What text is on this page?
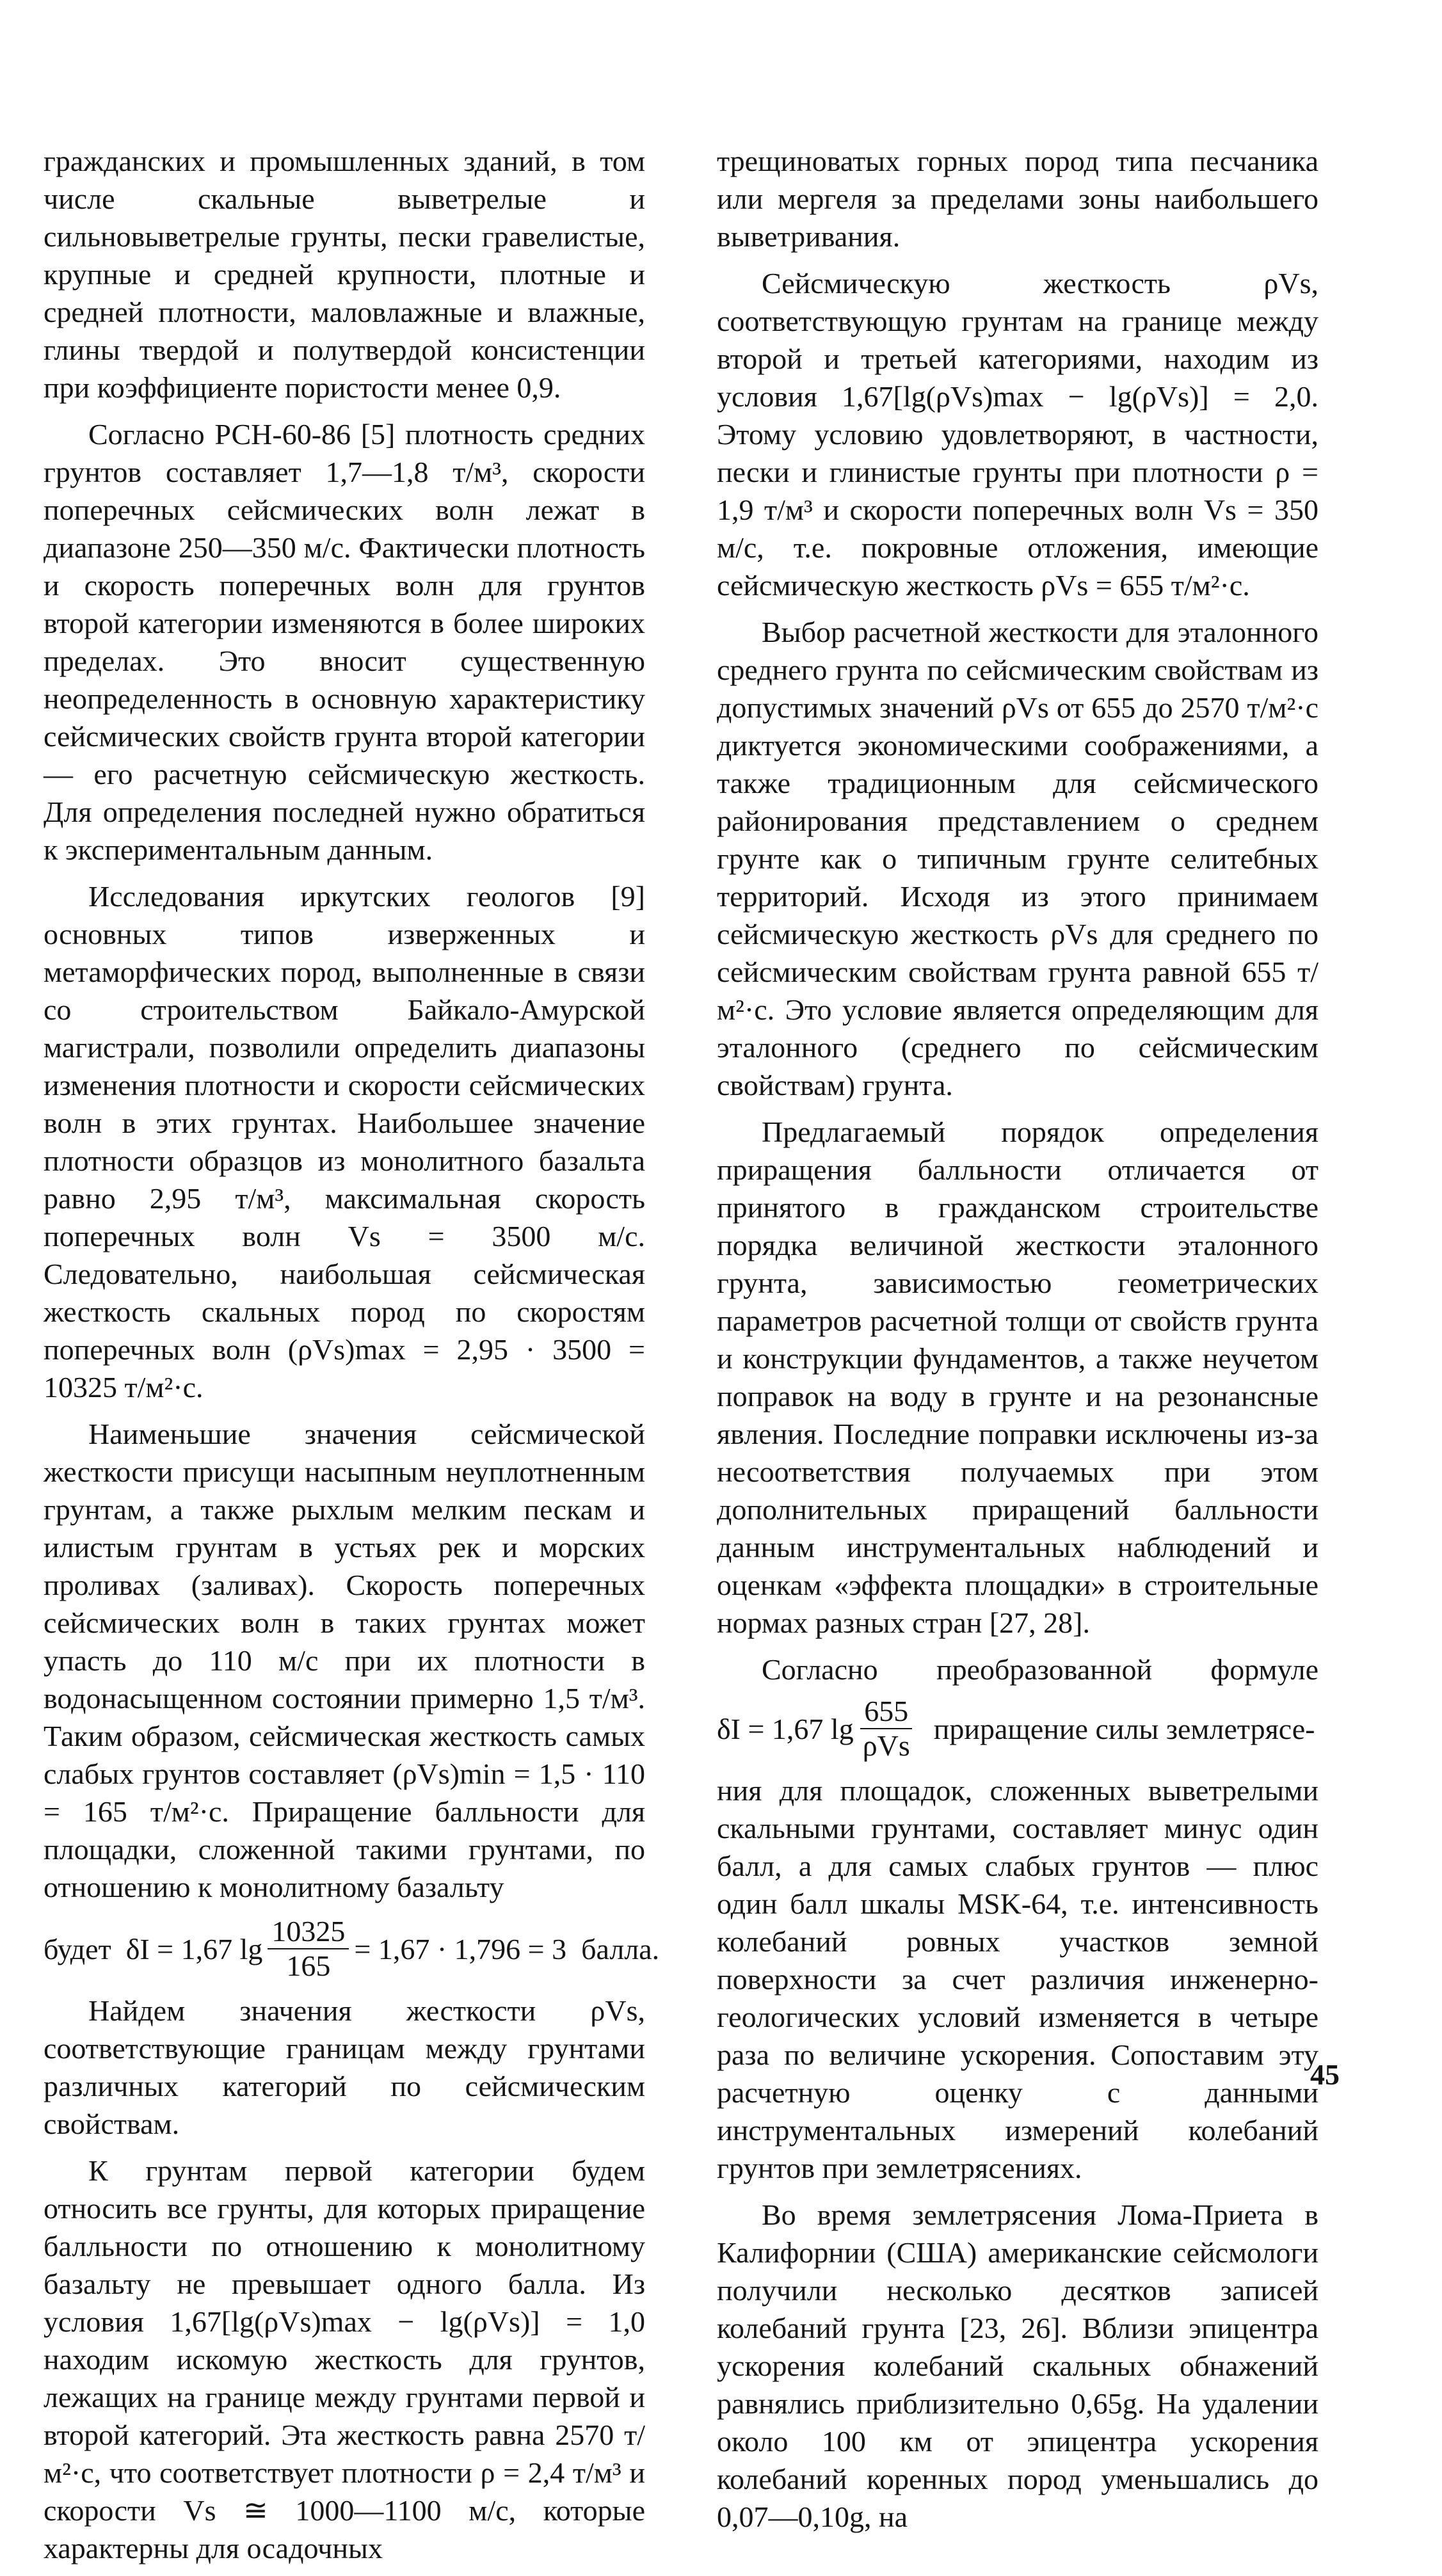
гражданских и промышленных зданий, в том числе скальные выветрелые и сильновыветрелые грунты, пески гравелистые, крупные и средней крупности, плотные и средней плотности, маловлажные и влажные, глины твердой и полутвердой консистенции при коэффициенте пористости менее 0,9.

Согласно РСН-60-86 [5] плотность средних грунтов составляет 1,7—1,8 т/м³, скорости поперечных сейсмических волн лежат в диапазоне 250—350 м/с. Фактически плотность и скорость поперечных волн для грунтов второй категории изменяются в более широких пределах. Это вносит существенную неопределенность в основную характеристику сейсмических свойств грунта второй категории — его расчетную сейсмическую жесткость. Для определения последней нужно обратиться к экспериментальным данным.

Исследования иркутских геологов [9] основных типов изверженных и метаморфических пород, выполненные в связи со строительством Байкало-Амурской магистрали, позволили определить диапазоны изменения плотности и скорости сейсмических волн в этих грунтах. Наибольшее значение плотности образцов из монолитного базальта равно 2,95 т/м³, максимальная скорость поперечных волн Vs = 3500 м/с. Следовательно, наибольшая сейсмическая жесткость скальных пород по скоростям поперечных волн (ρVs)max = 2,95 · 3500 = 10325 т/м²·с.

Наименьшие значения сейсмической жесткости присущи насыпным неуплотненным грунтам, а также рыхлым мелким пескам и илистым грунтам в устьях рек и морских проливах (заливах). Скорость поперечных сейсмических волн в таких грунтах может упасть до 110 м/с при их плотности в водонасыщенном состоянии примерно 1,5 т/м³. Таким образом, сейсмическая жесткость самых слабых грунтов составляет (ρVs)min = 1,5 · 110 = 165 т/м²·с. Приращение балльности для площадки, сложенной такими грунтами, по отношению к монолитному базальту

будет
δI = 1,67 $\lg \frac{10325}{165} = 1,67 \cdot 1,796 = 3$
балла.

Найдем значения жесткости ρVs, соответствующие границам между грунтами различных категорий по сейсмическим свойствам.

К грунтам первой категории будем относить все грунты, для которых приращение балльности по отношению к монолитному базальту не превышает одного балла. Из условия 1,67[lg(ρVs)max − lg(ρVs)] = 1,0 находим искомую жесткость для грунтов, лежащих на границе между грунтами первой и второй категорий. Эта жесткость равна 2570 т/м²·с, что соответствует плотности ρ = 2,4 т/м³ и скорости Vs ≅ 1000—1100 м/с, которые характерны для осадочных

трещиноватых горных пород типа песчаника или мергеля за пределами зоны наибольшего выветривания.

Сейсмическую жесткость ρVs, соответствующую грунтам на границе между второй и третьей категориями, находим из условия 1,67[lg(ρVs)max − lg(ρVs)] = 2,0. Этому условию удовлетворяют, в частности, пески и глинистые грунты при плотности ρ = 1,9 т/м³ и скорости поперечных волн Vs = 350 м/с, т.е. покровные отложения, имеющие сейсмическую жесткость ρVs = 655 т/м²·с.

Выбор расчетной жесткости для эталонного среднего грунта по сейсмическим свойствам из допустимых значений ρVs от 655 до 2570 т/м²·с диктуется экономическими соображениями, а также традиционным для сейсмического районирования представлением о среднем грунте как о типичным грунте селитебных территорий. Исходя из этого принимаем сейсмическую жесткость ρVs для среднего по сейсмическим свойствам грунта равной 655 т/м²·с. Это условие является определяющим для эталонного (среднего по сейсмическим свойствам) грунта.

Предлагаемый порядок определения приращения балльности отличается от принятого в гражданском строительстве порядка величиной жесткости эталонного грунта, зависимостью геометрических параметров расчетной толщи от свойств грунта и конструкции фундаментов, а также неучетом поправок на воду в грунте и на резонансные явления. Последние поправки исключены из-за несоответствия получаемых при этом дополнительных приращений балльности данным инструментальных наблюдений и оценкам «эффекта площадки» в строительные нормах разных стран [27, 28].

Согласно преобразованной формуле

δI = 1,67 $\lg \frac{655}{\text{ρVs}}$
приращение силы землетрясе-

ния для площадок, сложенных выветрелыми скальными грунтами, составляет минус один балл, а для самых слабых грунтов — плюс один балл шкалы MSK-64, т.е. интенсивность колебаний ровных участков земной поверхности за счет различия инженерно-геологических условий изменяется в четыре раза по величине ускорения. Сопоставим эту расчетную оценку с данными инструментальных измерений колебаний грунтов при землетрясениях.

Во время землетрясения Лома-Приета в Калифорнии (США) американские сейсмологи получили несколько десятков записей колебаний грунта [23, 26]. Вблизи эпицентра ускорения колебаний скальных обнажений равнялись приблизительно 0,65g. На удалении около 100 км от эпицентра ускорения колебаний коренных пород уменьшались до 0,07—0,10g, на

45
